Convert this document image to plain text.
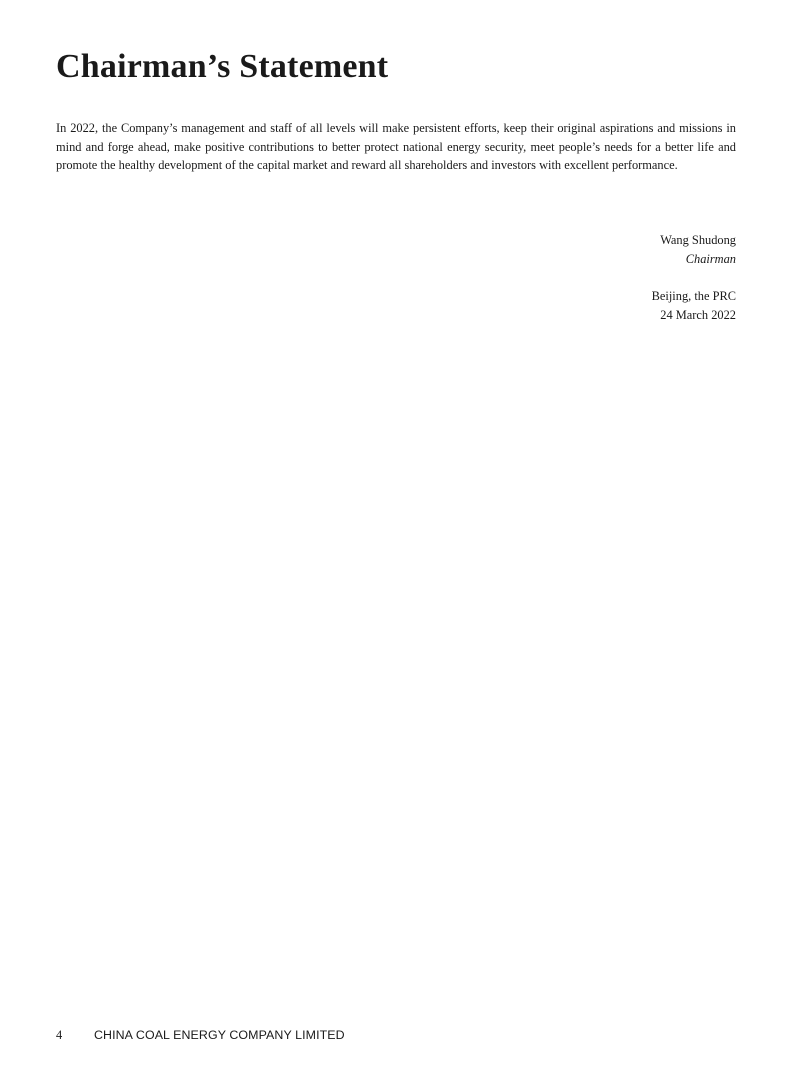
Chairman’s Statement

In 2022, the Company’s management and staff of all levels will make persistent efforts, keep their original aspirations and missions in mind and forge ahead, make positive contributions to better protect national energy security, meet people’s needs for a better life and promote the healthy development of the capital market and reward all shareholders and investors with excellent performance.

Wang Shudong
Chairman
Beijing, the PRC
24 March 2022
4	CHINA COAL ENERGY COMPANY LIMITED
